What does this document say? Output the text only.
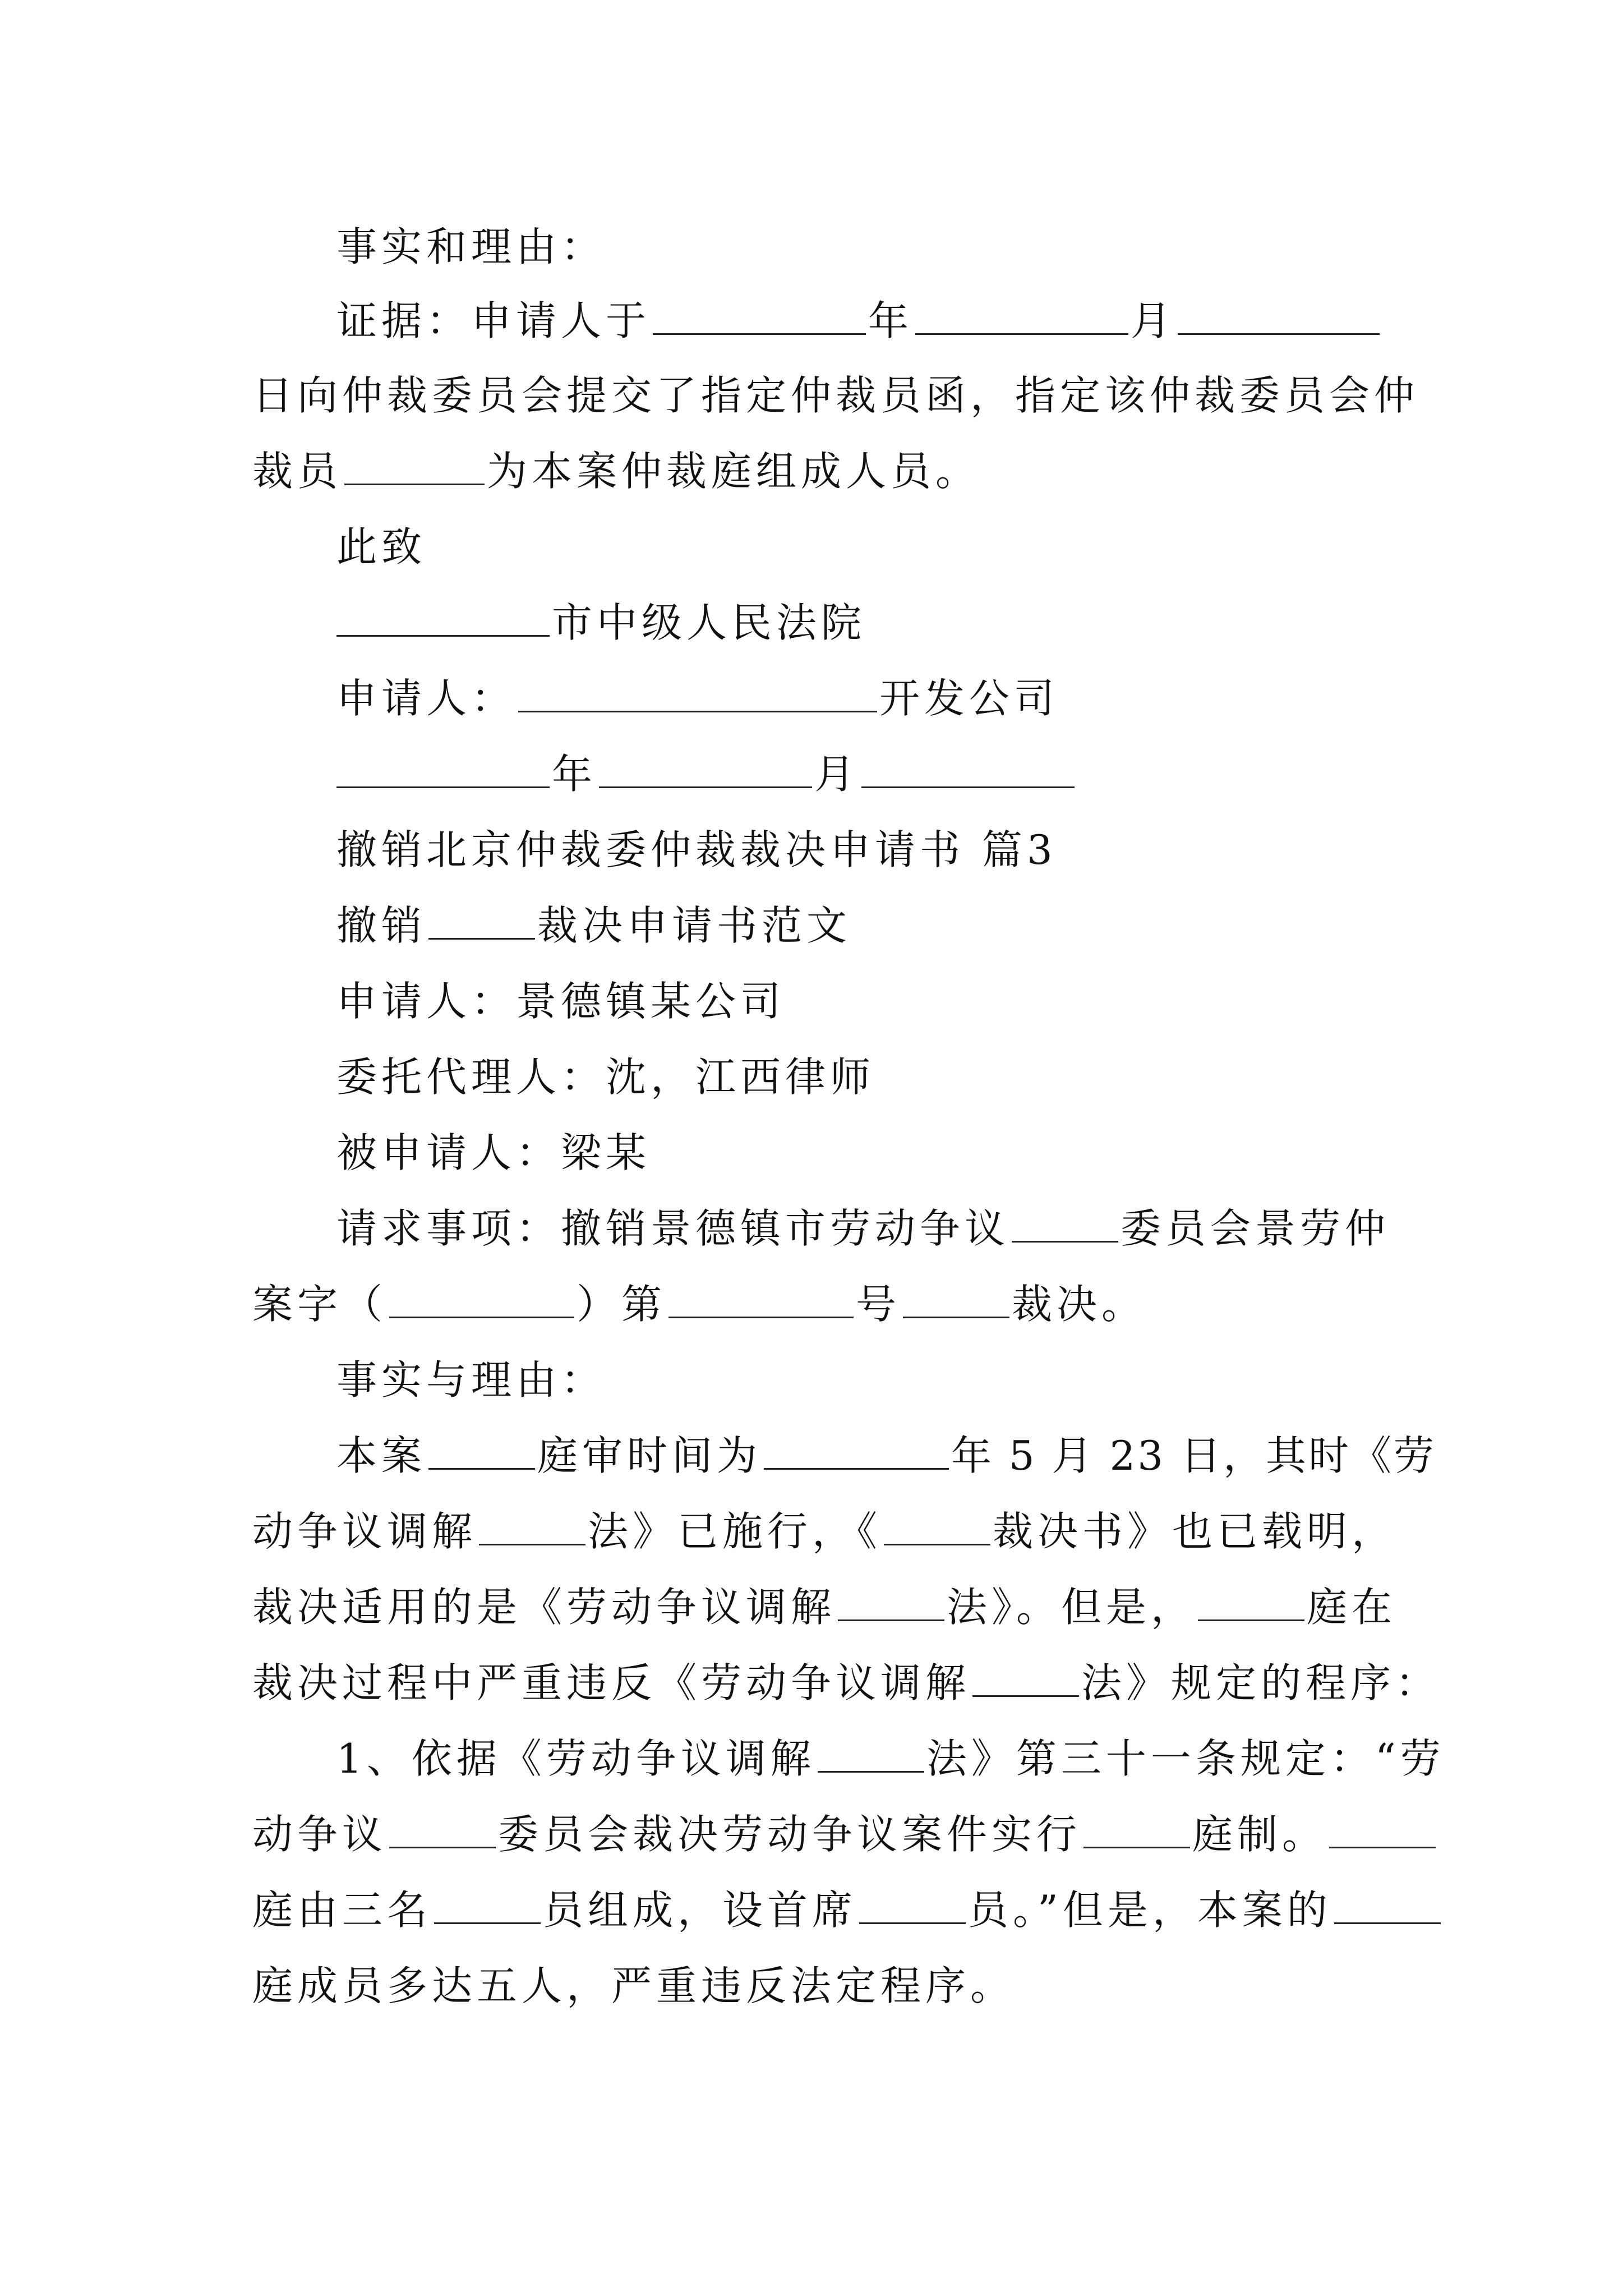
事实和理由：
证据：申请人于	年	月
日向仲裁委员会提交了指定仲裁员函，指定该仲裁委员会仲
裁员	为本案仲裁庭组成人员。
此致
市中级人民法院
申请人：	开发公司
年	月
撤销北京仲裁委仲裁裁决申请书 篇3
撤销	裁决申请书范文
申请人：景德镇某公司
委托代理人：沈，江西律师
被申请人：梁某
请求事项：撤销景德镇市劳动争议	委员会景劳仲
案字（	）第	号	裁决。
事实与理由：
本案	庭审时间为	年 5 月 23 日，其时《劳
动争议调解	法》已施行，《	裁决书》也已载明，
裁决适用的是《劳动争议调解	法》。但是，	庭在
裁决过程中严重违反《劳动争议调解	法》规定的程序：
1、依据《劳动争议调解	法》第三十一条规定：“劳
动争议	委员会裁决劳动争议案件实行	庭制。
庭由三名	员组成，设首席	员。”但是，本案的
庭成员多达五人，严重违反法定程序。
